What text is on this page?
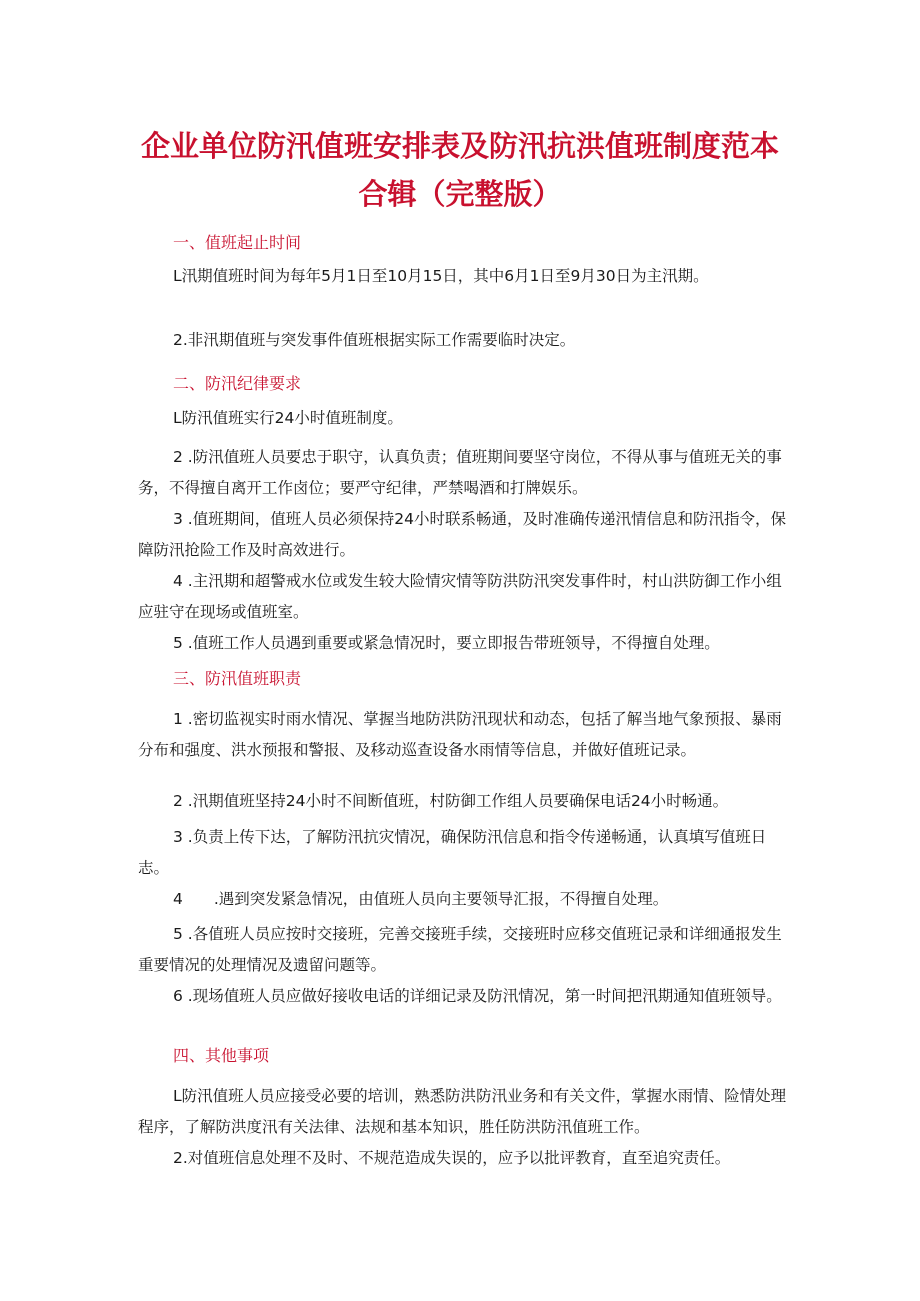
企业单位防汛值班安排表及防汛抗洪值班制度范本
合辑（完整版）
一、值班起止时间
L汛期值班时间为每年5月1日至10月15日，其中6月1日至9月30日为主汛期。
2.非汛期值班与突发事件值班根据实际工作需要临时决定。
二、防汛纪律要求
L防汛值班实行24小时值班制度。
2 .防汛值班人员要忠于职守，认真负责；值班期间要坚守岗位，不得从事与值班无关的事务，不得擅自离开工作卤位；要严守纪律，严禁喝酒和打牌娱乐。
3 .值班期间，值班人员必须保持24小时联系畅通，及时准确传递汛情信息和防汛指令，保障防汛抢险工作及时高效进行。
4 .主汛期和超警戒水位或发生较大险情灾情等防洪防汛突发事件时，村山洪防御工作小组应驻守在现场或值班室。
5 .值班工作人员遇到重要或紧急情况时，要立即报告带班领导，不得擅自处理。
三、防汛值班职责
1 .密切监视实时雨水情况、掌握当地防洪防汛现状和动态，包括了解当地气象预报、暴雨分布和强度、洪水预报和警报、及移动巡查设备水雨情等信息，并做好值班记录。
2 .汛期值班坚持24小时不间断值班，村防御工作组人员要确保电话24小时畅通。
3 .负责上传下达，了解防汛抗灾情况，确保防汛信息和指令传递畅通，认真填写值班日志。
4　　.遇到突发紧急情况，由值班人员向主要领导汇报，不得擅自处理。
5 .各值班人员应按时交接班，完善交接班手续，交接班时应移交值班记录和详细通报发生重要情况的处理情况及遗留问题等。
6 .现场值班人员应做好接收电话的详细记录及防汛情况，第一时间把汛期通知值班领导。
四、其他事项
L防汛值班人员应接受必要的培训，熟悉防洪防汛业务和有关文件，掌握水雨情、险情处理程序，了解防洪度汛有关法律、法规和基本知识，胜任防洪防汛值班工作。
2.对值班信息处理不及时、不规范造成失误的，应予以批评教育，直至追究责任。
